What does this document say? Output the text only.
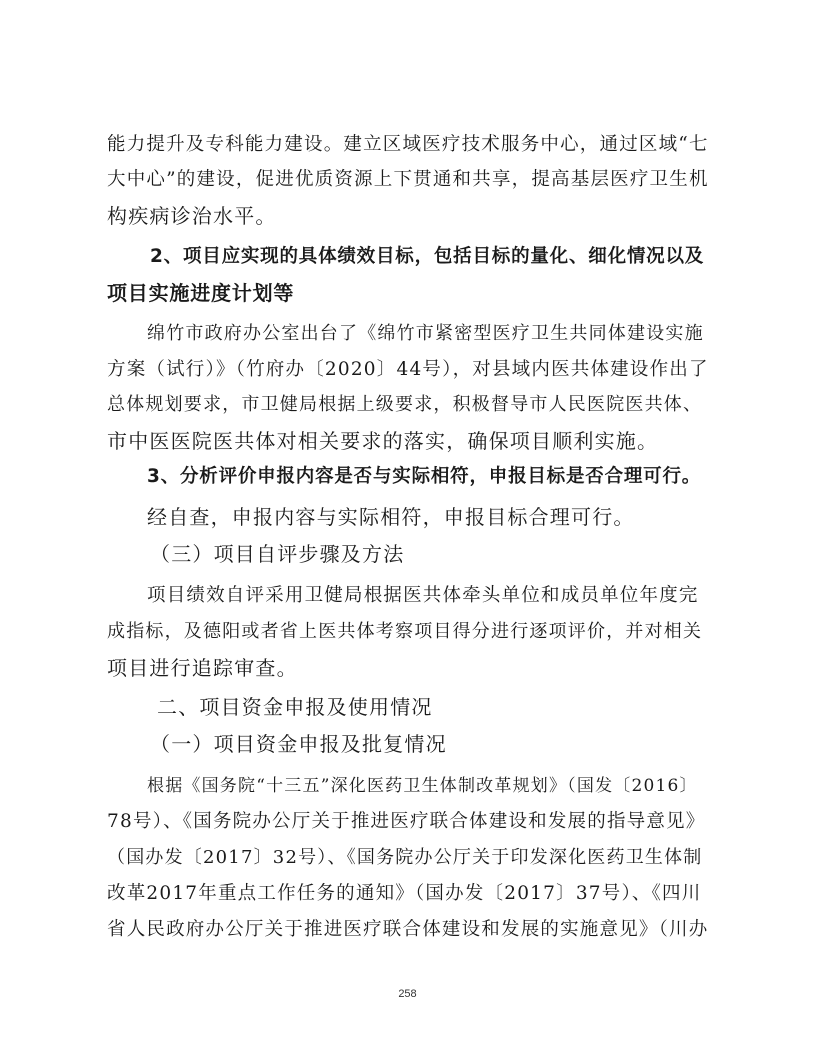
能力提升及专科能力建设。建立区域医疗技术服务中心，通过区域“七
大中心”的建设，促进优质资源上下贯通和共享，提高基层医疗卫生机
构疾病诊治水平。
2、项目应实现的具体绩效目标，包括目标的量化、细化情况以及
项目实施进度计划等
绵竹市政府办公室出台了《绵竹市紧密型医疗卫生共同体建设实施
方案（试行）》（竹府办〔2020〕44号），对县域内医共体建设作出了
总体规划要求，市卫健局根据上级要求，积极督导市人民医院医共体、
市中医医院医共体对相关要求的落实，确保项目顺利实施。
3、分析评价申报内容是否与实际相符，申报目标是否合理可行。
经自查，申报内容与实际相符，申报目标合理可行。
（三）项目自评步骤及方法
项目绩效自评采用卫健局根据医共体牵头单位和成员单位年度完
成指标，及德阳或者省上医共体考察项目得分进行逐项评价，并对相关
项目进行追踪审查。
二、项目资金申报及使用情况
（一）项目资金申报及批复情况
根据《国务院“十三五”深化医药卫生体制改革规划》（国发〔2016〕
78号）、《国务院办公厅关于推进医疗联合体建设和发展的指导意见》
（国办发〔2017〕32号）、《国务院办公厅关于印发深化医药卫生体制
改革2017年重点工作任务的通知》（国办发〔2017〕37号）、《四川
省人民政府办公厅关于推进医疗联合体建设和发展的实施意见》（川办
258
